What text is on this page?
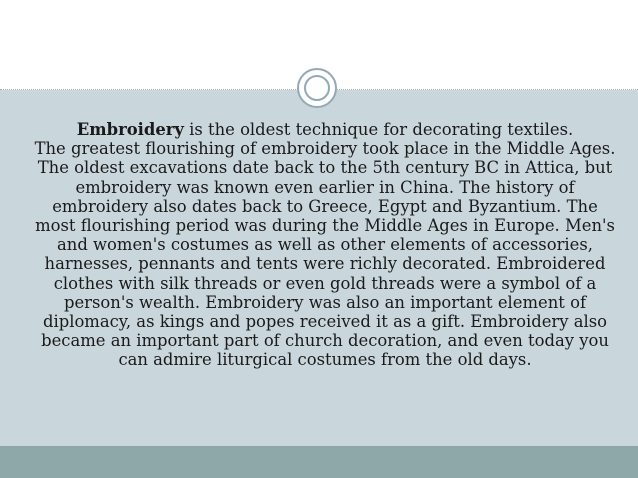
Embroidery is the oldest technique for decorating textiles.
The greatest flourishing of embroidery took place in the Middle Ages. The oldest excavations date back to the 5th century BC in Attica, but embroidery was known even earlier in China. The history of embroidery also dates back to Greece, Egypt and Byzantium. The most flourishing period was during the Middle Ages in Europe. Men's and women's costumes as well as other elements of accessories, harnesses, pennants and tents were richly decorated. Embroidered clothes with silk threads or even gold threads were a symbol of a person's wealth. Embroidery was also an important element of diplomacy, as kings and popes received it as a gift. Embroidery also became an important part of church decoration, and even today you can admire liturgical costumes from the old days.
